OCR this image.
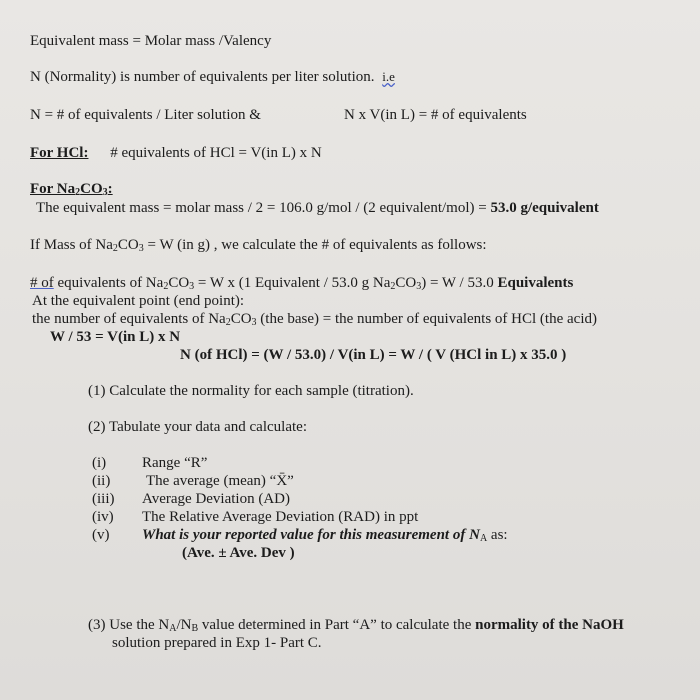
Equivalent mass = Molar mass /Valency
N (Normality) is number of equivalents per liter solution. i.e
N = # of equivalents / Liter solution &	N x V(in L) = # of equivalents
For HCl: # equivalents of HCl = V(in L) x N
For $Na_2CO_3$:
The equivalent mass = molar mass / 2 = 106.0 g/mol / (2 equivalent/mol) = 53.0 g/equivalent
If Mass of $Na_2CO_3 = W$ (in g) , we calculate the # of equivalents as follows:
# of equivalents of $Na_2CO_3 = W$ x (1 Equivalent / 53.0 g $Na_2CO_3) = W / 53.0$ Equivalents
At the equivalent point (end point):
the number of equivalents of $Na_2CO_3$ (the base) = the number of equivalents of HCl (the acid)
W / 53 = V(in L) x N
N (of HCl) = (W / 53.0) / V(in L) = W / ( V (HCl in L) x 35.0 )
(1) Calculate the normality for each sample (titration).
(2) Tabulate your data and calculate:
(i) Range “R”
(ii) The average (mean) “X̄”
(iii) Average Deviation (AD)
(iv) The Relative Average Deviation (RAD) in ppt
(v) What is your reported value for this measurement of $N_A$ as:
(Ave. ± Ave. Dev )
(3) Use the $N_A/N_B$ value determined in Part “A” to calculate the normality of the NaOH
solution prepared in Exp 1- Part C.
